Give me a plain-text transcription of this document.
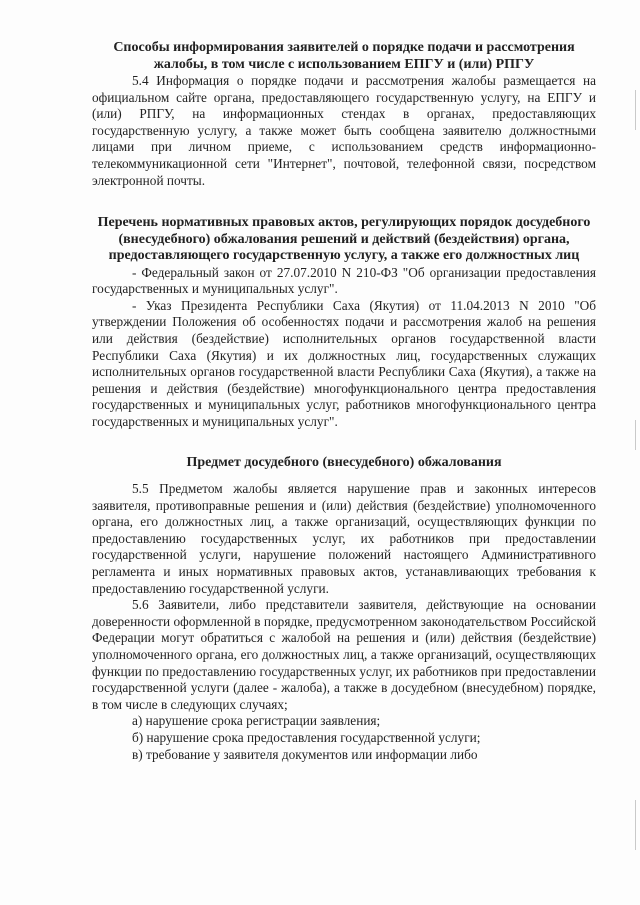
Способы информирования заявителей о порядке подачи и рассмотрения жалобы, в том числе с использованием ЕПГУ и (или) РПГУ

5.4 Информация о порядке подачи и рассмотрения жалобы размещается на официальном сайте органа, предоставляющего государственную услугу, на ЕПГУ и (или) РПГУ, на информационных стендах в органах, предоставляющих государственную услугу, а также может быть сообщена заявителю должностными лицами при личном приеме, с использованием средств информационно-телекоммуникационной сети "Интернет", почтовой, телефонной связи, посредством электронной почты.

Перечень нормативных правовых актов, регулирующих порядок досудебного (внесудебного) обжалования решений и действий (бездействия) органа, предоставляющего государственную услугу, а также его должностных лиц

- Федеральный закон от 27.07.2010 N 210-ФЗ "Об организации предоставления государственных и муниципальных услуг".

- Указ Президента Республики Саха (Якутия) от 11.04.2013 N 2010 "Об утверждении Положения об особенностях подачи и рассмотрения жалоб на решения или действия (бездействие) исполнительных органов государственной власти Республики Саха (Якутия) и их должностных лиц, государственных служащих исполнительных органов государственной власти Республики Саха (Якутия), а также на решения и действия (бездействие) многофункционального центра предоставления государственных и муниципальных услуг, работников многофункционального центра государственных и муниципальных услуг".

Предмет досудебного (внесудебного) обжалования

5.5 Предметом жалобы является нарушение прав и законных интересов заявителя, противоправные решения и (или) действия (бездействие) уполномоченного органа, его должностных лиц, а также организаций, осуществляющих функции по предоставлению государственных услуг, их работников при предоставлении государственной услуги, нарушение положений настоящего Административного регламента и иных нормативных правовых актов, устанавливающих требования к предоставлению государственной услуги.

5.6 Заявители, либо представители заявителя, действующие на основании доверенности оформленной в порядке, предусмотренном законодательством Российской Федерации могут обратиться с жалобой на решения и (или) действия (бездействие) уполномоченного органа, его должностных лиц, а также организаций, осуществляющих функции по предоставлению государственных услуг, их работников при предоставлении государственной услуги (далее - жалоба), а также в досудебном (внесудебном) порядке, в том числе в следующих случаях;

а) нарушение срока регистрации заявления;

б) нарушение срока предоставления государственной услуги;

в) требование у заявителя документов или информации либо
